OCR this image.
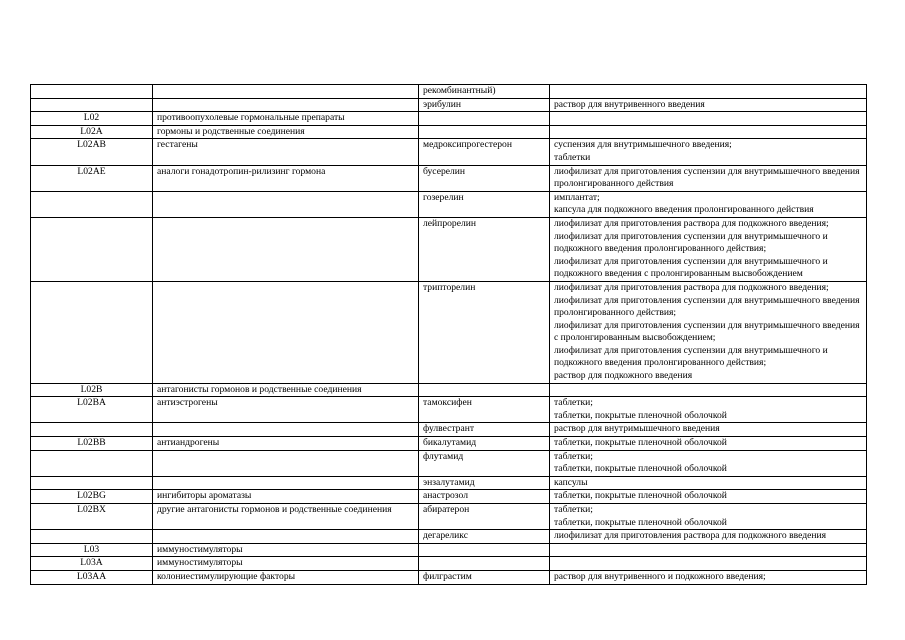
		рекомбинантный)	
		эрибулин	раствор для внутривенного введения
L02	противоопухолевые гормональные препараты		
L02A	гормоны и родственные соединения		
L02AB	гестагены	медроксипрогестерон	суспензия для внутримышечного введения;
таблетки
L02AE	аналоги гонадотропин-рилизинг гормона	бусерелин	лиофилизат для приготовления суспензии для внутримышечного введения пролонгированного действия
		гозерелин	имплантат;
капсула для подкожного введения пролонгированного действия
		лейпрорелин	лиофилизат для приготовления раствора для подкожного введения;
лиофилизат для приготовления суспензии для внутримышечного и подкожного введения пролонгированного действия;
лиофилизат для приготовления суспензии для внутримышечного и подкожного введения с пролонгированным высвобождением
		трипторелин	лиофилизат для приготовления раствора для подкожного введения;
лиофилизат для приготовления суспензии для внутримышечного введения пролонгированного действия;
лиофилизат для приготовления суспензии для внутримышечного введения с пролонгированным высвобождением;
лиофилизат для приготовления суспензии для внутримышечного и подкожного введения пролонгированного действия;
раствор для подкожного введения
L02B	антагонисты гормонов и родственные соединения		
L02BA	антиэстрогены	тамоксифен	таблетки;
таблетки, покрытые пленочной оболочкой
		фулвестрант	раствор для внутримышечного введения
L02BB	антиандрогены	бикалутамид	таблетки, покрытые пленочной оболочкой
		флутамид	таблетки;
таблетки, покрытые пленочной оболочкой
		энзалутамид	капсулы
L02BG	ингибиторы ароматазы	анастрозол	таблетки, покрытые пленочной оболочкой
L02BX	другие антагонисты гормонов и родственные соединения	абиратерон	таблетки;
таблетки, покрытые пленочной оболочкой
		дегареликс	лиофилизат для приготовления раствора для подкожного введения
L03	иммуностимуляторы		
L03A	иммуностимуляторы		
L03AA	колониестимулирующие факторы	филграстим	раствор для внутривенного и подкожного введения;
